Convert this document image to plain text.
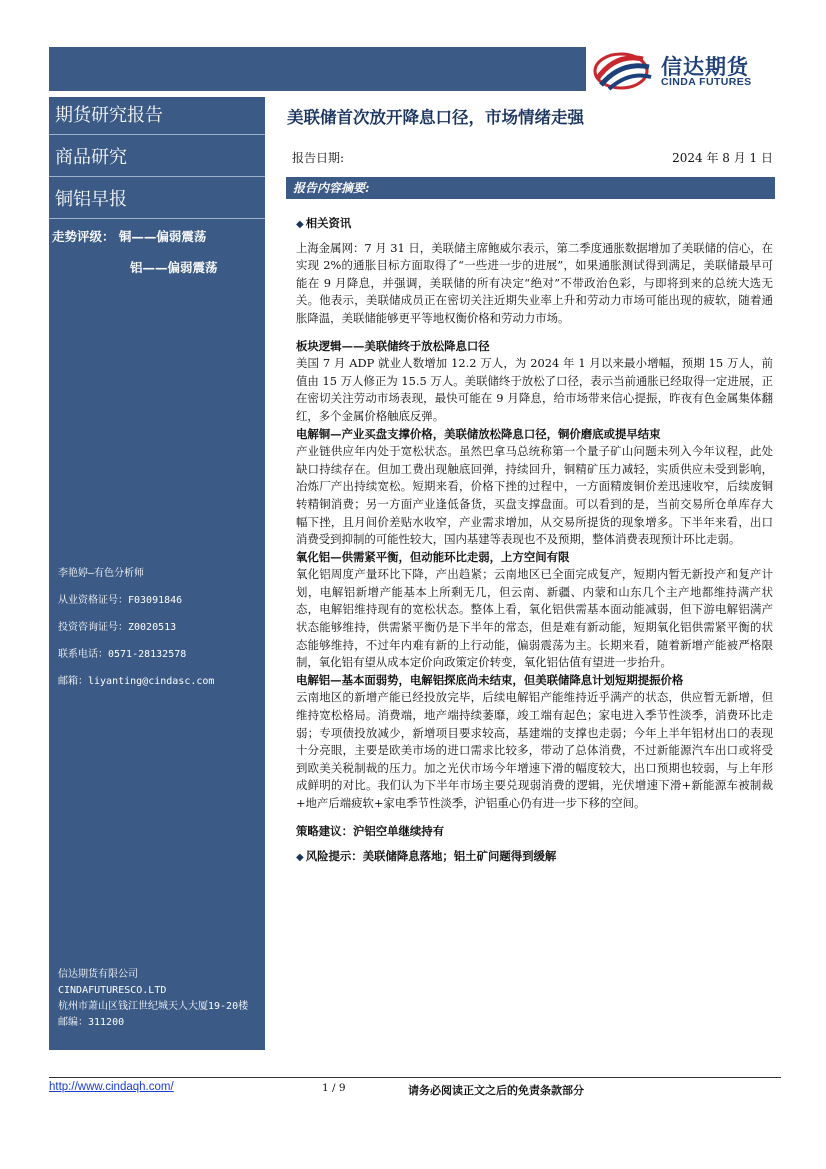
信达期货
CINDA FUTURES
期货研究报告
商品研究
铜铝早报
走势评级： 铜——偏弱震荡
铝——偏弱震荡
李艳婷—有色分析师
从业资格证号：F03091846
投资咨询证号：Z0020513
联系电话：0571-28132578
邮箱：liyanting@cindasc.com
信达期货有限公司
CINDAFUTURESCO.LTD
杭州市萧山区钱江世纪城天人大厦19-20楼
邮编：311200
美联储首次放开降息口径，市场情绪走强
报告日期:	2024 年 8 月 1 日
报告内容摘要:

◆ 相关资讯

上海金属网：7 月 31 日，美联储主席鲍威尔表示，第二季度通胀数据增加了美联储的信心，在实现 2%的通胀目标方面取得了“一些进一步的进展”，如果通胀测试得到满足，美联储最早可能在 9 月降息，并强调，美联储的所有决定“绝对”不带政治色彩，与即将到来的总统大选无关。他表示，美联储成员正在密切关注近期失业率上升和劳动力市场可能出现的疲软，随着通胀降温，美联储能够更平等地权衡价格和劳动力市场。

板块逻辑——美联储终于放松降息口径

美国 7 月 ADP 就业人数增加 12.2 万人，为 2024 年 1 月以来最小增幅，预期 15 万人，前值由 15 万人修正为 15.5 万人。美联储终于放松了口径，表示当前通胀已经取得一定进展，正在密切关注劳动市场表现，最快可能在 9 月降息，给市场带来信心提振，昨夜有色金属集体翻红，多个金属价格触底反弹。

电解铜—产业买盘支撑价格，美联储放松降息口径，铜价磨底或提早结束

产业链供应年内处于宽松状态。虽然巴拿马总统称第一个量子矿山问题未列入今年议程，此处缺口持续存在。但加工费出现触底回弹，持续回升，铜精矿压力减轻，实质供应未受到影响，冶炼厂产出持续宽松。短期来看，价格下挫的过程中，一方面精废铜价差迅速收窄，后续废铜转精铜消费；另一方面产业逢低备货，买盘支撑盘面。可以看到的是，当前交易所仓单库存大幅下挫，且月间价差贴水收窄，产业需求增加，从交易所提货的现象增多。下半年来看，出口消费受到抑制的可能性较大，国内基建等表现也不及预期，整体消费表现预计环比走弱。

氧化铝—供需紧平衡，但动能环比走弱，上方空间有限

氧化铝周度产量环比下降，产出趋紧；云南地区已全面完成复产，短期内暂无新投产和复产计划，电解铝新增产能基本上所剩无几，但云南、新疆、内蒙和山东几个主产地都维持满产状态，电解铝维持现有的宽松状态。整体上看，氧化铝供需基本面动能减弱，但下游电解铝满产状态能够维持，供需紧平衡仍是下半年的常态，但是难有新动能，短期氧化铝供需紧平衡的状态能够维持，不过年内难有新的上行动能，偏弱震荡为主。长期来看，随着新增产能被严格限制，氧化铝有望从成本定价向政策定价转变，氧化铝估值有望进一步抬升。

电解铝—基本面弱势，电解铝探底尚未结束，但美联储降息计划短期提振价格

云南地区的新增产能已经投放完毕，后续电解铝产能维持近乎满产的状态，供应暂无新增，但维持宽松格局。消费端，地产端持续萎靡，竣工端有起色；家电进入季节性淡季，消费环比走弱；专项债投放减少，新增项目要求较高，基建端的支撑也走弱；今年上半年铝材出口的表现十分亮眼，主要是欧美市场的进口需求比较多，带动了总体消费，不过新能源汽车出口或将受到欧美关税制裁的压力。加之光伏市场今年增速下滑的幅度较大，出口预期也较弱，与上年形成鲜明的对比。我们认为下半年市场主要兑现弱消费的逻辑，光伏增速下滑+新能源车被制裁+地产后端疲软+家电季节性淡季，沪铝重心仍有进一步下移的空间。

策略建议：沪铝空单继续持有

◆ 风险提示：美联储降息落地；铝土矿问题得到缓解

http://www.cindaqh.com/	1 / 9	请务必阅读正文之后的免责条款部分
